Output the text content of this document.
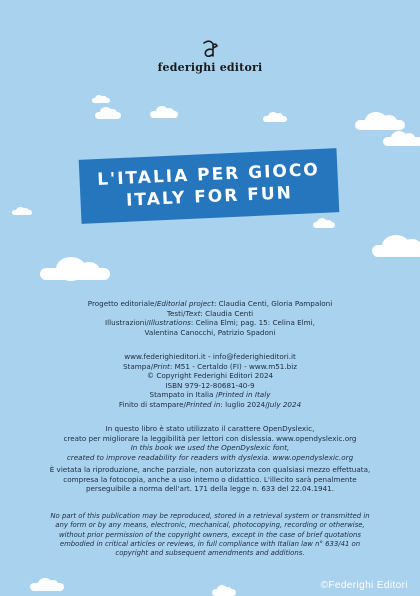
federighi editori
L'ITALIA PER GIOCO
ITALY FOR FUN

Progetto editoriale/Editorial project: Claudia Centi, Gloria Pampaloni

Testi/Text: Claudia Centi

Illustrazioni/Illustrations: Celina Elmi; pag. 15: Celina Elmi,

Valentina Canocchi, Patrizio Spadoni

www.federighieditori.it - info@federighieditori.it

Stampa/Print: M51 - Certaldo (FI) - www.m51.biz

© Copyright Federighi Editori 2024

ISBN 979-12-80681-40-9

Stampato in Italia /Printed in Italy

Finito di stampare/Printed in: luglio 2024/July 2024

In questo libro è stato utilizzato il carattere OpenDyslexic,

creato per migliorare la leggibilità per lettori con dislessia. www.opendyslexic.org

In this book we used the OpenDyslexic font,

created to improve readability for readers with dyslexia. www.opendyslexic.org

È vietata la riproduzione, anche parziale, non autorizzata con qualsiasi mezzo effettuata,

compresa la fotocopia, anche a uso interno o didattico. L'illecito sarà penalmente

perseguibile a norma dell'art. 171 della legge n. 633 del 22.04.1941.

No part of this publication may be reproduced, stored in a retrieval system or transmitted in

any form or by any means, electronic, mechanical, photocopying, recording or otherwise,

without prior permission of the copyright owners, except in the case of brief quotations

embodied in critical articles or reviews, in full compliance with Italian law n° 633/41 on

copyright and subsequent amendments and additions.

©Federighi Editori
